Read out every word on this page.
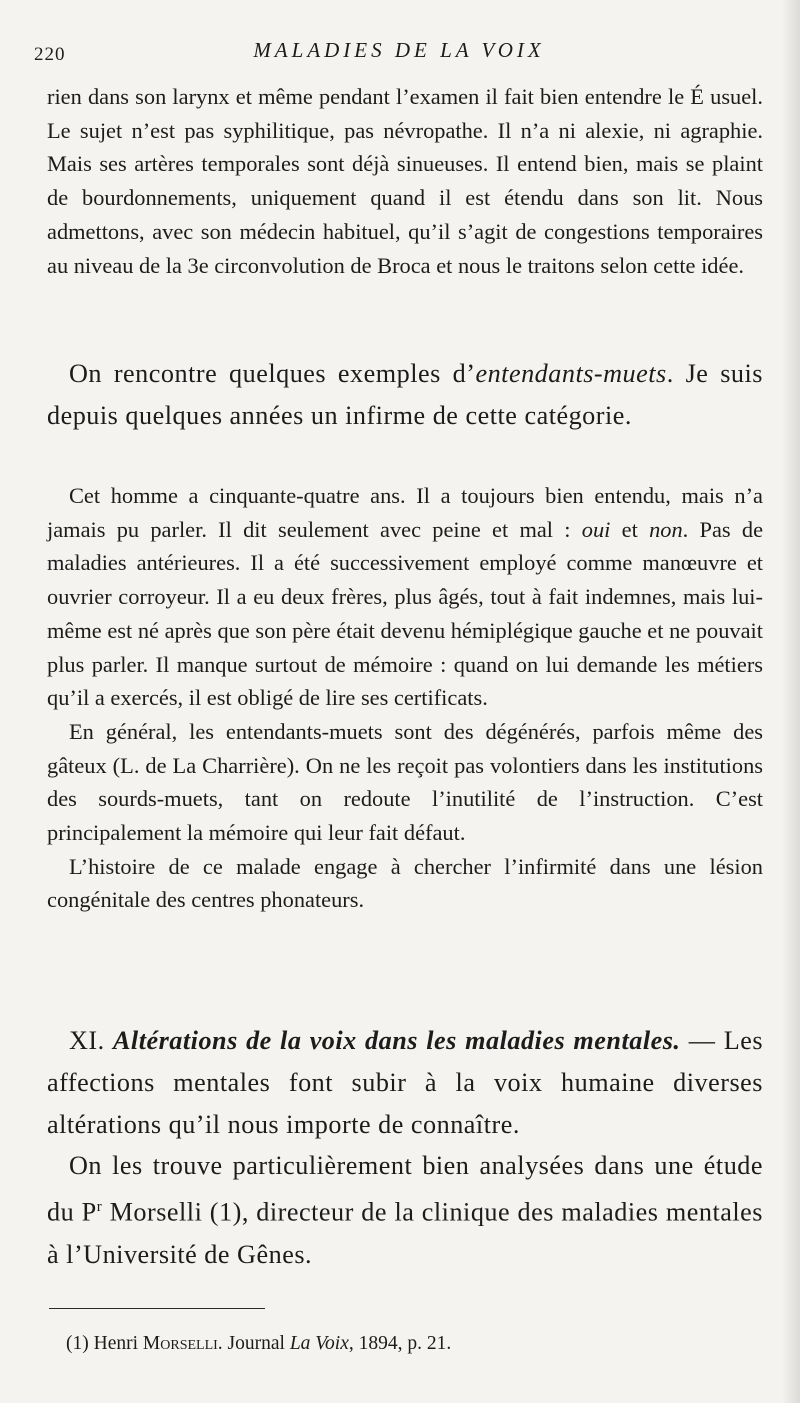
220	MALADIES DE LA VOIX

rien dans son larynx et même pendant l’examen il fait bien entendre le É usuel. Le sujet n’est pas syphilitique, pas névropathe. Il n’a ni alexie, ni agraphie. Mais ses artères temporales sont déjà sinueuses. Il entend bien, mais se plaint de bourdonnements, uniquement quand il est étendu dans son lit. Nous admettons, avec son médecin habituel, qu’il s’agit de congestions temporaires au niveau de la 3e circonvolution de Broca et nous le traitons selon cette idée.

On rencontre quelques exemples d’entendants-muets. Je suis depuis quelques années un infirme de cette catégorie.

Cet homme a cinquante-quatre ans. Il a toujours bien entendu, mais n’a jamais pu parler. Il dit seulement avec peine et mal : oui et non. Pas de maladies antérieures. Il a été successivement employé comme manœuvre et ouvrier corroyeur. Il a eu deux frères, plus âgés, tout à fait indemnes, mais lui-même est né après que son père était devenu hémiplégique gauche et ne pouvait plus parler. Il manque surtout de mémoire : quand on lui demande les métiers qu’il a exercés, il est obligé de lire ses certificats.

En général, les entendants-muets sont des dégénérés, parfois même des gâteux (L. de La Charrière). On ne les reçoit pas volontiers dans les institutions des sourds-muets, tant on redoute l’inutilité de l’instruction. C’est principalement la mémoire qui leur fait défaut.

L’histoire de ce malade engage à chercher l’infirmité dans une lésion congénitale des centres phonateurs.

XI. Altérations de la voix dans les maladies mentales. — Les affections mentales font subir à la voix humaine diverses altérations qu’il nous importe de connaître.

On les trouve particulièrement bien analysées dans une étude du $P^r$ Morselli (1), directeur de la clinique des maladies mentales à l’Université de Gênes.

(1) Henri Morselli. Journal La Voix, 1894, p. 21.
